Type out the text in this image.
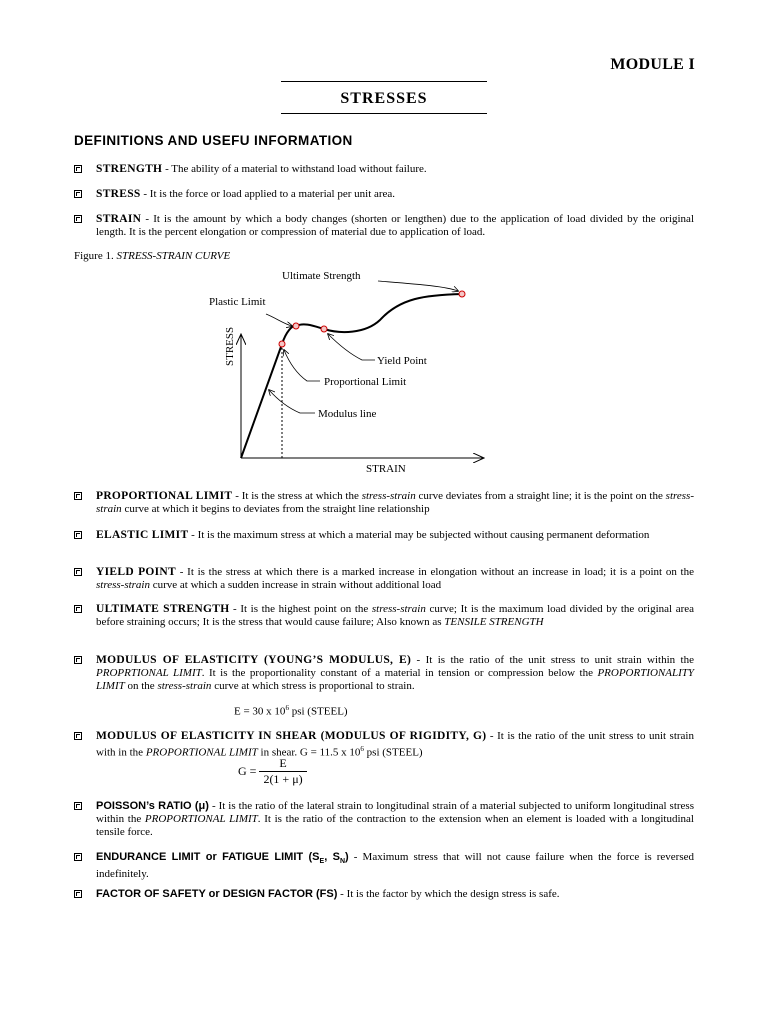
MODULE I
STRESSES
DEFINITIONS AND USEFU INFORMATION
STRENGTH - The ability of a material to withstand load without failure.
STRESS - It is the force or load applied to a material per unit area.
STRAIN - It is the amount by which a body changes (shorten or lengthen) due to the application of load divided by the original length. It is the percent elongation or compression of material due to application of load.
Figure 1. STRESS-STRAIN CURVE
Ultimate Strength
Plastic Limit
Yield Point
Proportional Limit
Modulus line
STRESS
STRAIN
PROPORTIONAL LIMIT - It is the stress at which the stress-strain curve deviates from a straight line; it is the point on the stress-strain curve at which it begins to deviates from the straight line relationship
ELASTIC LIMIT - It is the maximum stress at which a material may be subjected without causing permanent deformation
YIELD POINT - It is the stress at which there is a marked increase in elongation without an increase in load; it is a point on the stress-strain curve at which a sudden increase in strain without additional load
ULTIMATE STRENGTH - It is the highest point on the stress-strain curve; It is the maximum load divided by the original area before straining occurs; It is the stress that would cause failure; Also known as TENSILE STRENGTH
MODULUS OF ELASTICITY (YOUNG’S MODULUS, E) - It is the ratio of the unit stress to unit strain within the PROPRTIONAL LIMIT. It is the proportionality constant of a material in tension or compression below the PROPORTIONALITY LIMIT on the stress-strain curve at which stress is proportional to strain.
E = 30 x $10^6$ psi (STEEL)
MODULUS OF ELASTICITY IN SHEAR (MODULUS OF RIGIDITY, G) - It is the ratio of the unit stress to unit strain with in the PROPORTIONAL LIMIT in shear. G = 11.5 x $10^6$ psi (STEEL)
$G = \frac{E}{2(1 + \mu)}$
POISSON’s RATIO (μ) - It is the ratio of the lateral strain to longitudinal strain of a material subjected to uniform longitudinal stress within the PROPORTIONAL LIMIT. It is the ratio of the contraction to the extension when an element is loaded with a longitudinal tensile force.
ENDURANCE LIMIT or FATIGUE LIMIT ($S_E$, $S_N$) - Maximum stress that will not cause failure when the force is reversed indefinitely.
FACTOR OF SAFETY or DESIGN FACTOR (FS) - It is the factor by which the design stress is safe.
